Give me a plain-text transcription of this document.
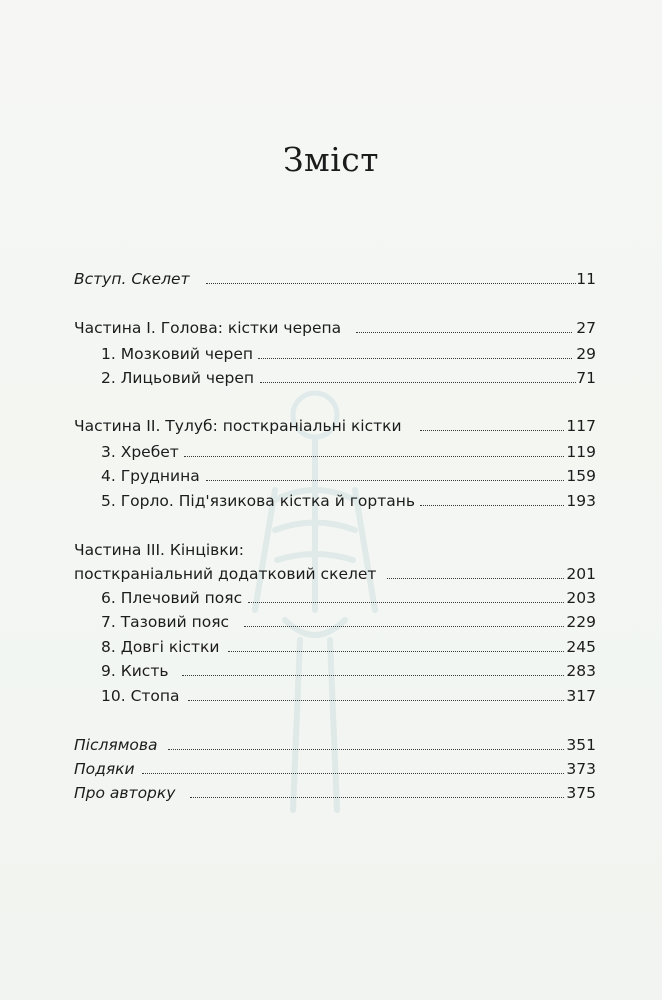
Зміст
Вступ. Скелет	11
Частина I. Голова: кістки черепа	27
1. Мозковий череп	29
2. Лицьовий череп	71
Частина II. Тулуб: посткраніальні кістки	117
3. Хребет	119
4. Груднина	159
5. Горло. Під'язикова кістка й гортань	193
Частина III. Кінцівки:
посткраніальний додатковий скелет	201
6. Плечовий пояс	203
7. Тазовий пояс	229
8. Довгі кістки	245
9. Кисть	283
10. Стопа	317
Післямова	351
Подяки	373
Про авторку	375
